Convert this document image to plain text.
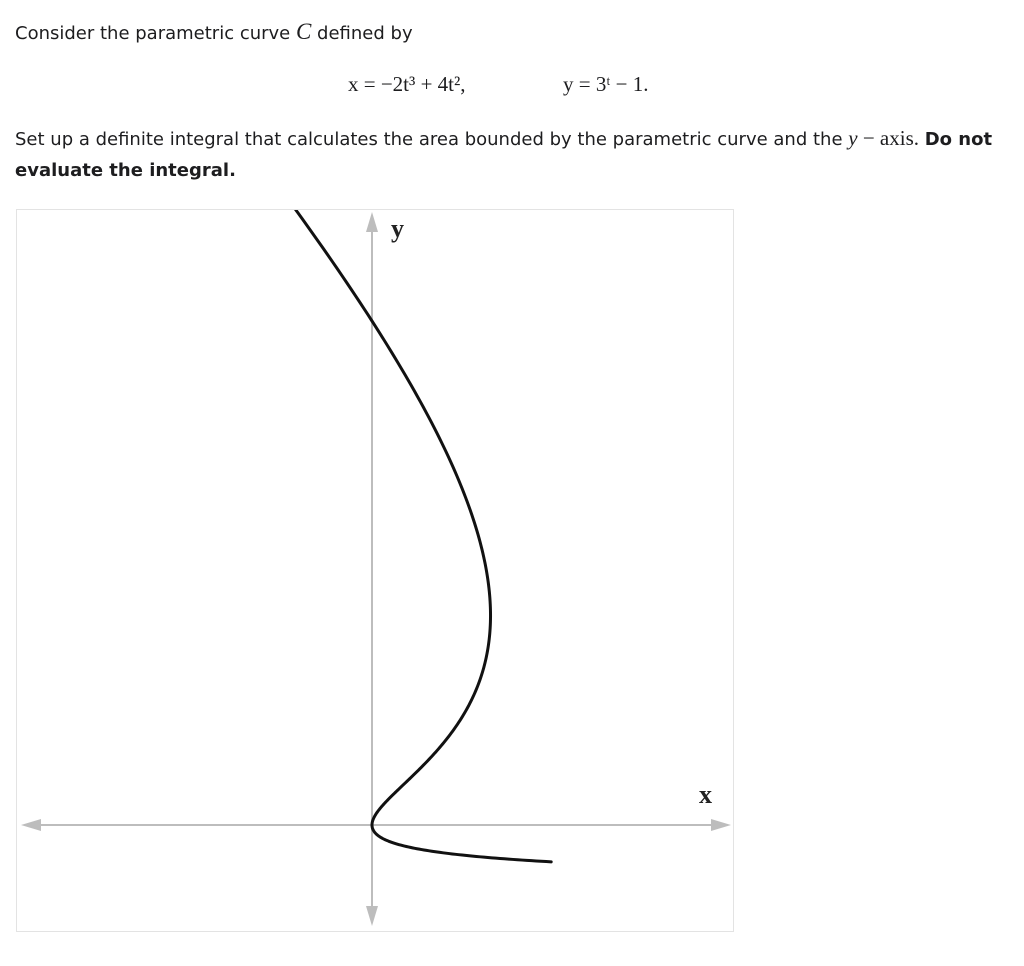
Consider the parametric curve C defined by
x = −2t³ + 4t²,	y = 3ᵗ − 1.
Set up a definite integral that calculates the area bounded by the parametric curve and the y − axis. Do not
evaluate the integral.
y
x
